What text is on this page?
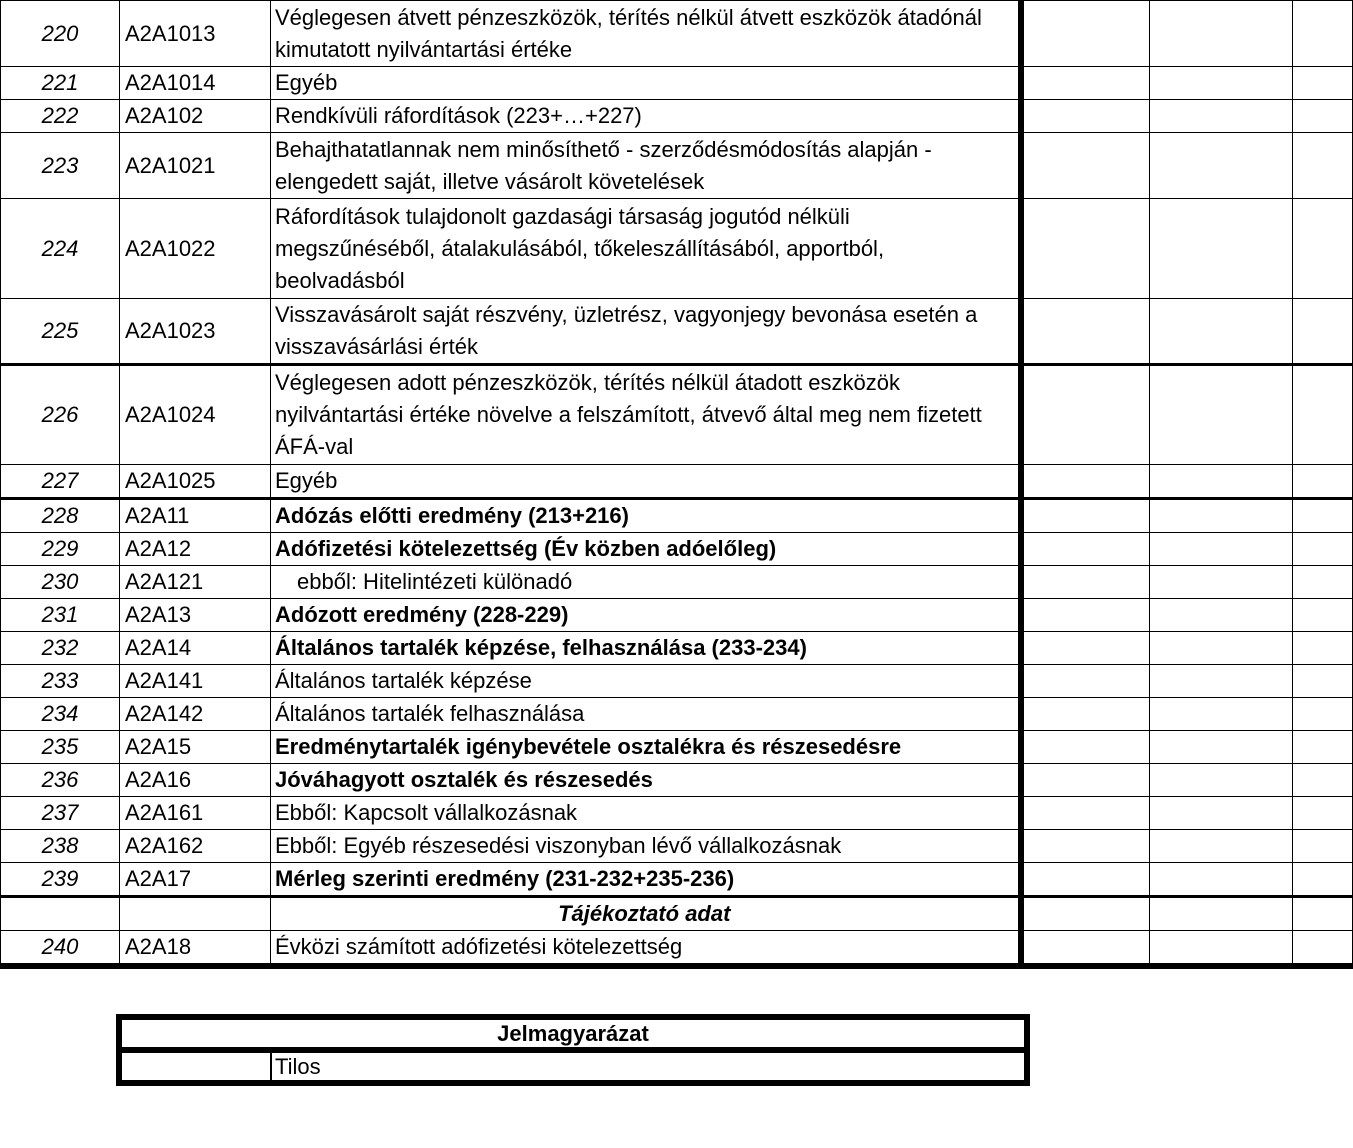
220	A2A1013	Véglegesen átvett pénzeszközök, térítés nélkül átvett eszközök átadónál kimutatott nyilvántartási értéke			
221	A2A1014	Egyéb			
222	A2A102	Rendkívüli ráfordítások (223+…+227)			
223	A2A1021	Behajthatatlannak nem minősíthető - szerződésmódosítás alapján - elengedett saját, illetve vásárolt követelések			
224	A2A1022	Ráfordítások tulajdonolt gazdasági társaság jogutód nélküli megszűnéséből, átalakulásából, tőkeleszállításából, apportból, beolvadásból			
225	A2A1023	Visszavásárolt saját részvény, üzletrész, vagyonjegy bevonása esetén a visszavásárlási érték			
226	A2A1024	Véglegesen adott pénzeszközök, térítés nélkül átadott eszközök nyilvántartási értéke növelve a felszámított, átvevő által meg nem fizetett ÁFÁ-val			
227	A2A1025	Egyéb			
228	A2A11	Adózás előtti eredmény (213+216)			
229	A2A12	Adófizetési kötelezettség (Év közben adóelőleg)			
230	A2A121	ebből: Hitelintézeti különadó			
231	A2A13	Adózott eredmény (228-229)			
232	A2A14	Általános tartalék képzése, felhasználása (233-234)			
233	A2A141	Általános tartalék képzése			
234	A2A142	Általános tartalék felhasználása			
235	A2A15	Eredménytartalék igénybevétele osztalékra és részesedésre			
236	A2A16	Jóváhagyott osztalék és részesedés			
237	A2A161	Ebből: Kapcsolt vállalkozásnak			
238	A2A162	Ebből: Egyéb részesedési viszonyban lévő vállalkozásnak			
239	A2A17	Mérleg szerinti eredmény (231-232+235-236)			
		Tájékoztató adat			
240	A2A18	Évközi számított adófizetési kötelezettség			
Jelmagyarázat
	Tilos
